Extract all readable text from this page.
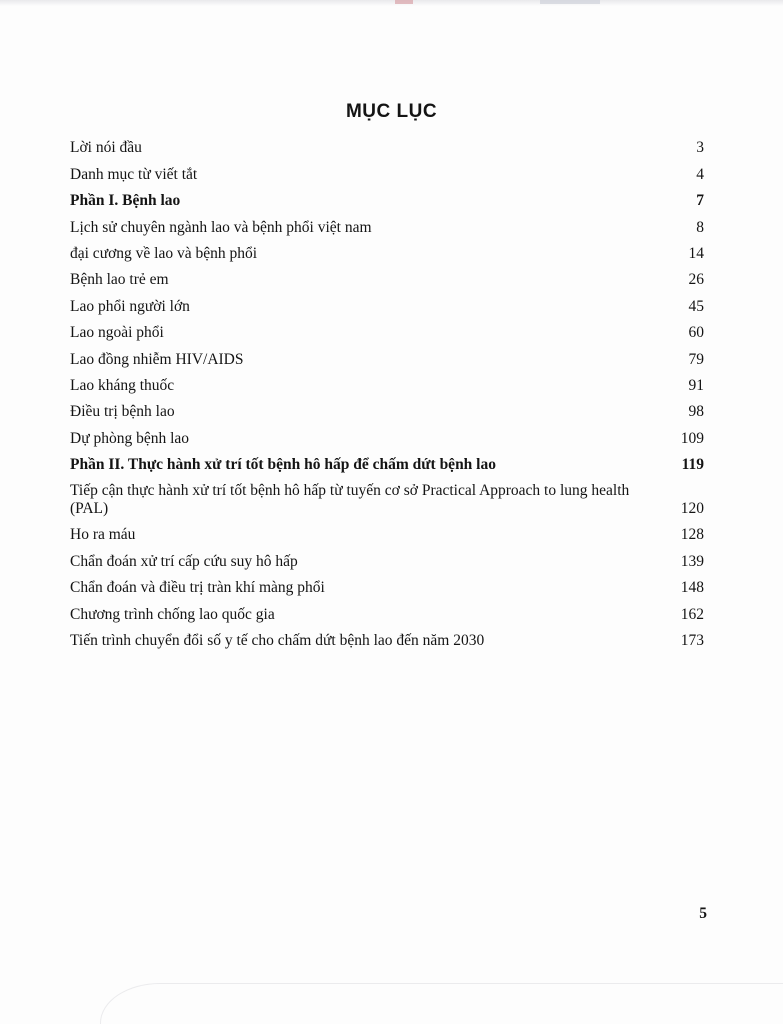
MỤC LỤC
Lời nói đầu	3
Danh mục từ viết tắt	4
Phần I. Bệnh lao	7
Lịch sử chuyên ngành lao và bệnh phổi việt nam	8
đại cương về lao và bệnh phổi	14
Bệnh lao trẻ em	26
Lao phổi người lớn	45
Lao ngoài phổi	60
Lao đồng nhiễm HIV/AIDS	79
Lao kháng thuốc	91
Điều trị bệnh lao	98
Dự phòng bệnh lao	109
Phần II. Thực hành xử trí tốt bệnh hô hấp để chấm dứt bệnh lao	119
Tiếp cận thực hành xử trí tốt bệnh hô hấp từ tuyến cơ sở Practical Approach to lung health (PAL)	120
Ho ra máu	128
Chẩn đoán xử trí cấp cứu suy hô hấp	139
Chẩn đoán và điều trị tràn khí màng phổi	148
Chương trình chống lao quốc gia	162
Tiến trình chuyển đổi số y tế cho chấm dứt bệnh lao đến năm 2030	173
5
